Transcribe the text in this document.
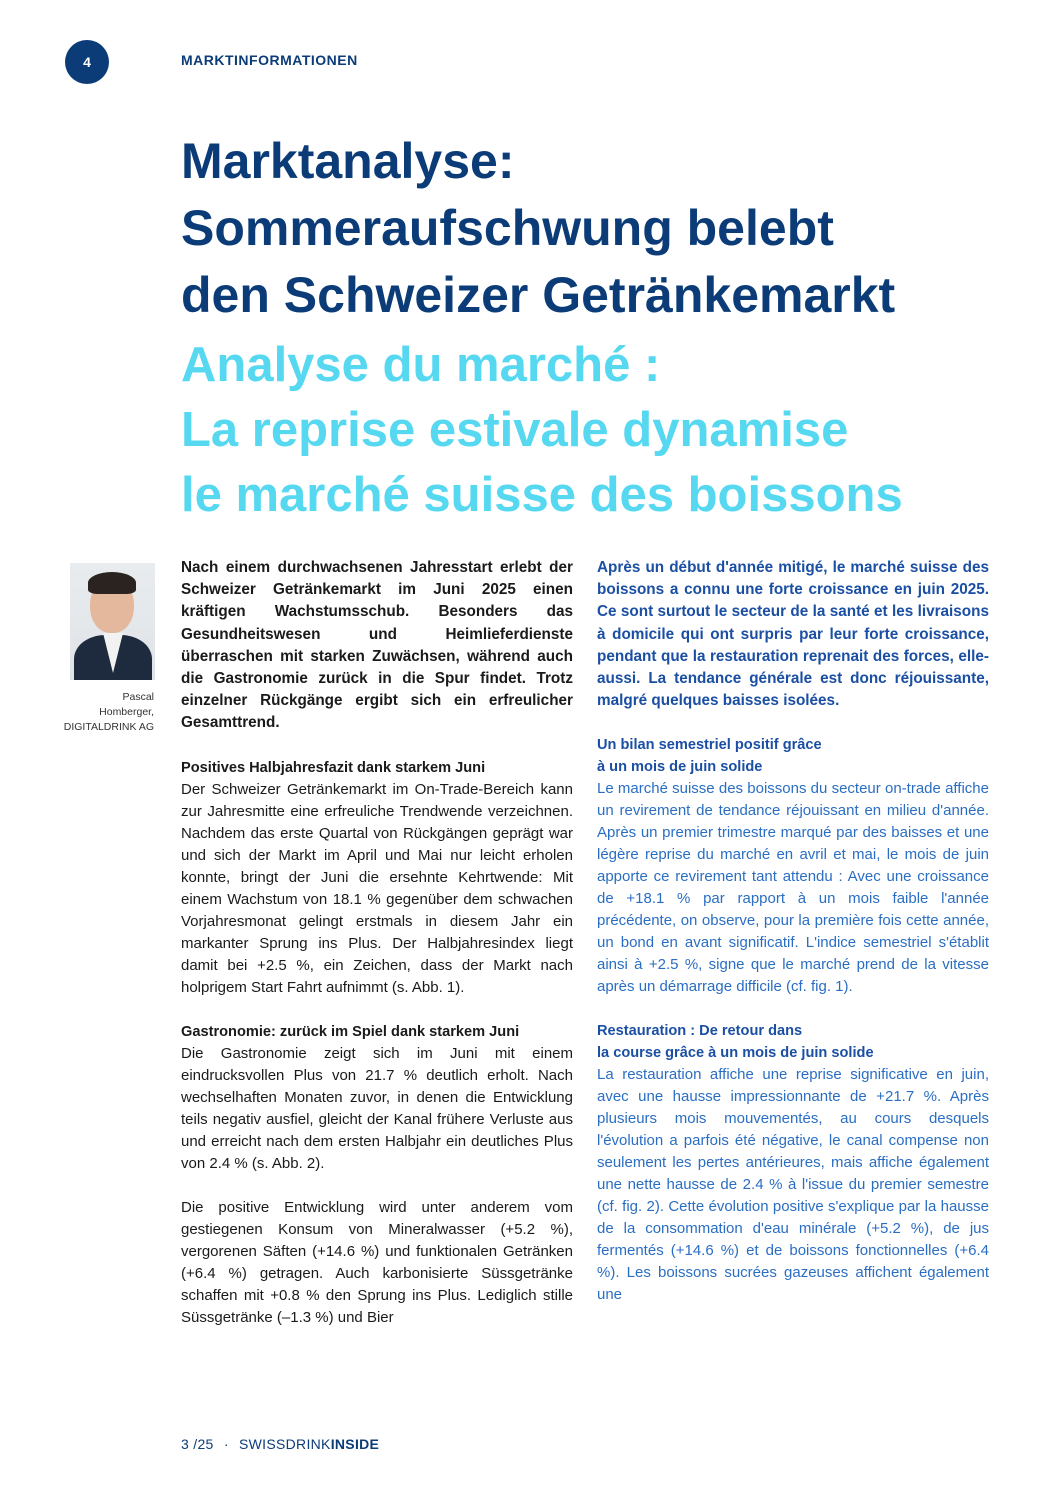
4	MARKTINFORMATIONEN
Marktanalyse:
Sommeraufschwung belebt
den Schweizer Getränkemarkt
Analyse du marché :
La reprise estivale dynamise
le marché suisse des boissons
Pascal
Homberger,
DIGITALDRINK AG

Nach einem durchwachsenen Jahresstart erlebt der Schweizer Getränkemarkt im Juni 2025 einen kräftigen Wachstumsschub. Besonders das Gesundheitswesen und Heimlieferdienste überraschen mit starken Zuwächsen, während auch die Gastronomie zurück in die Spur findet. Trotz einzelner Rückgänge ergibt sich ein erfreulicher Gesamttrend.

Positives Halbjahresfazit dank starkem Juni

Der Schweizer Getränkemarkt im On-Trade-Bereich kann zur Jahresmitte eine erfreuliche Trendwende verzeichnen. Nachdem das erste Quartal von Rückgängen geprägt war und sich der Markt im April und Mai nur leicht erholen konnte, bringt der Juni die ersehnte Kehrtwende: Mit einem Wachstum von 18.1 % gegenüber dem schwachen Vorjahresmonat gelingt erstmals in diesem Jahr ein markanter Sprung ins Plus. Der Halbjahresindex liegt damit bei +2.5 %, ein Zeichen, dass der Markt nach holprigem Start Fahrt aufnimmt (s. Abb. 1).

Gastronomie: zurück im Spiel dank starkem Juni

Die Gastronomie zeigt sich im Juni mit einem eindrucksvollen Plus von 21.7 % deutlich erholt. Nach wechselhaften Monaten zuvor, in denen die Entwicklung teils negativ ausfiel, gleicht der Kanal frühere Verluste aus und erreicht nach dem ersten Halbjahr ein deutliches Plus von 2.4 % (s. Abb. 2).

Die positive Entwicklung wird unter anderem vom gestiegenen Konsum von Mineralwasser (+5.2 %), vergorenen Säften (+14.6 %) und funktionalen Getränken (+6.4 %) getragen. Auch karbonisierte Süssgetränke schaffen mit +0.8 % den Sprung ins Plus. Lediglich stille Süssgetränke (–1.3 %) und Bier

Après un début d'année mitigé, le marché suisse des boissons a connu une forte croissance en juin 2025. Ce sont surtout le secteur de la santé et les livraisons à domicile qui ont surpris par leur forte croissance, pendant que la restauration reprenait des forces, elle-aussi. La tendance générale est donc réjouissante, malgré quelques baisses isolées.

Un bilan semestriel positif grâce

à un mois de juin solide

Le marché suisse des boissons du secteur on-trade affiche un revirement de tendance réjouissant en milieu d'année. Après un premier trimestre marqué par des baisses et une légère reprise du marché en avril et mai, le mois de juin apporte ce revirement tant attendu : Avec une croissance de +18.1 % par rapport à un mois faible l'année précédente, on observe, pour la première fois cette année, un bond en avant significatif. L'indice semestriel s'établit ainsi à +2.5 %, signe que le marché prend de la vitesse après un démarrage difficile (cf. fig. 1).

Restauration : De retour dans

la course grâce à un mois de juin solide

La restauration affiche une reprise significative en juin, avec une hausse impressionnante de +21.7 %. Après plusieurs mois mouvementés, au cours desquels l'évolution a parfois été négative, le canal compense non seulement les pertes antérieures, mais affiche également une nette hausse de 2.4 % à l'issue du premier semestre (cf. fig. 2). Cette évolution positive s'explique par la hausse de la consommation d'eau minérale (+5.2 %), de jus fermentés (+14.6 %) et de boissons fonctionnelles (+6.4 %). Les boissons sucrées gazeuses affichent également une

3 /25 · SWISSDRINKINSIDE
